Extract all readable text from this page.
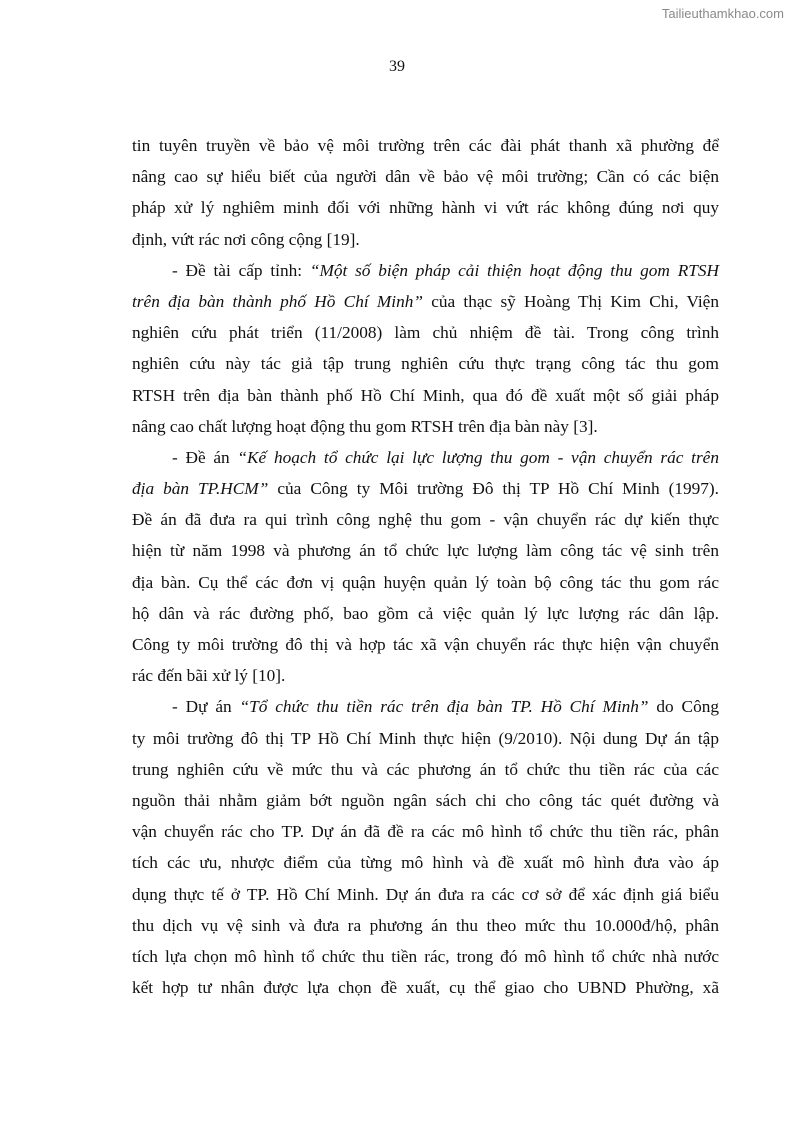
Tailieuthamkhao.com
39
tin tuyên truyền về bảo vệ môi trường trên các đài phát thanh xã phường để
nâng cao sự hiểu biết của người dân về bảo vệ môi trường; Cần có các biện
pháp xử lý nghiêm minh đối với những hành vi vứt rác không đúng nơi quy
định, vứt rác nơi công cộng [19].
- Đề tài cấp tỉnh: “Một số biện pháp cải thiện hoạt động thu gom RTSH
trên địa bàn thành phố Hồ Chí Minh” của thạc sỹ Hoàng Thị Kim Chi, Viện
nghiên cứu phát triển (11/2008) làm chủ nhiệm đề tài. Trong công trình
nghiên cứu này tác giả tập trung nghiên cứu thực trạng công tác thu gom
RTSH trên địa bàn thành phố Hồ Chí Minh, qua đó đề xuất một số giải pháp
nâng cao chất lượng hoạt động thu gom RTSH trên địa bàn này [3].
- Đề án “Kế hoạch tổ chức lại lực lượng thu gom - vận chuyển rác trên
địa bàn TP.HCM” của Công ty Môi trường Đô thị TP Hồ Chí Minh (1997).
Đề án đã đưa ra qui trình công nghệ thu gom - vận chuyển rác dự kiến thực
hiện từ năm 1998 và phương án tổ chức lực lượng làm công tác vệ sinh trên
địa bàn. Cụ thể các đơn vị quận huyện quản lý toàn bộ công tác thu gom rác
hộ dân và rác đường phố, bao gồm cả việc quản lý lực lượng rác dân lập.
Công ty môi trường đô thị và hợp tác xã vận chuyển rác thực hiện vận chuyển
rác đến bãi xử lý [10].
- Dự án “Tổ chức thu tiền rác trên địa bàn TP. Hồ Chí Minh” do Công
ty môi trường đô thị TP Hồ Chí Minh thực hiện (9/2010). Nội dung Dự án tập
trung nghiên cứu về mức thu và các phương án tổ chức thu tiền rác của các
nguồn thải nhằm giảm bớt nguồn ngân sách chi cho công tác quét đường và
vận chuyển rác cho TP. Dự án đã đề ra các mô hình tổ chức thu tiền rác, phân
tích các ưu, nhược điểm của từng mô hình và đề xuất mô hình đưa vào áp
dụng thực tế ở TP. Hồ Chí Minh. Dự án đưa ra các cơ sở để xác định giá biểu
thu dịch vụ vệ sinh và đưa ra phương án thu theo mức thu 10.000đ/hộ, phân
tích lựa chọn mô hình tổ chức thu tiền rác, trong đó mô hình tổ chức nhà nước
kết hợp tư nhân được lựa chọn đề xuất, cụ thể giao cho UBND Phường, xã
